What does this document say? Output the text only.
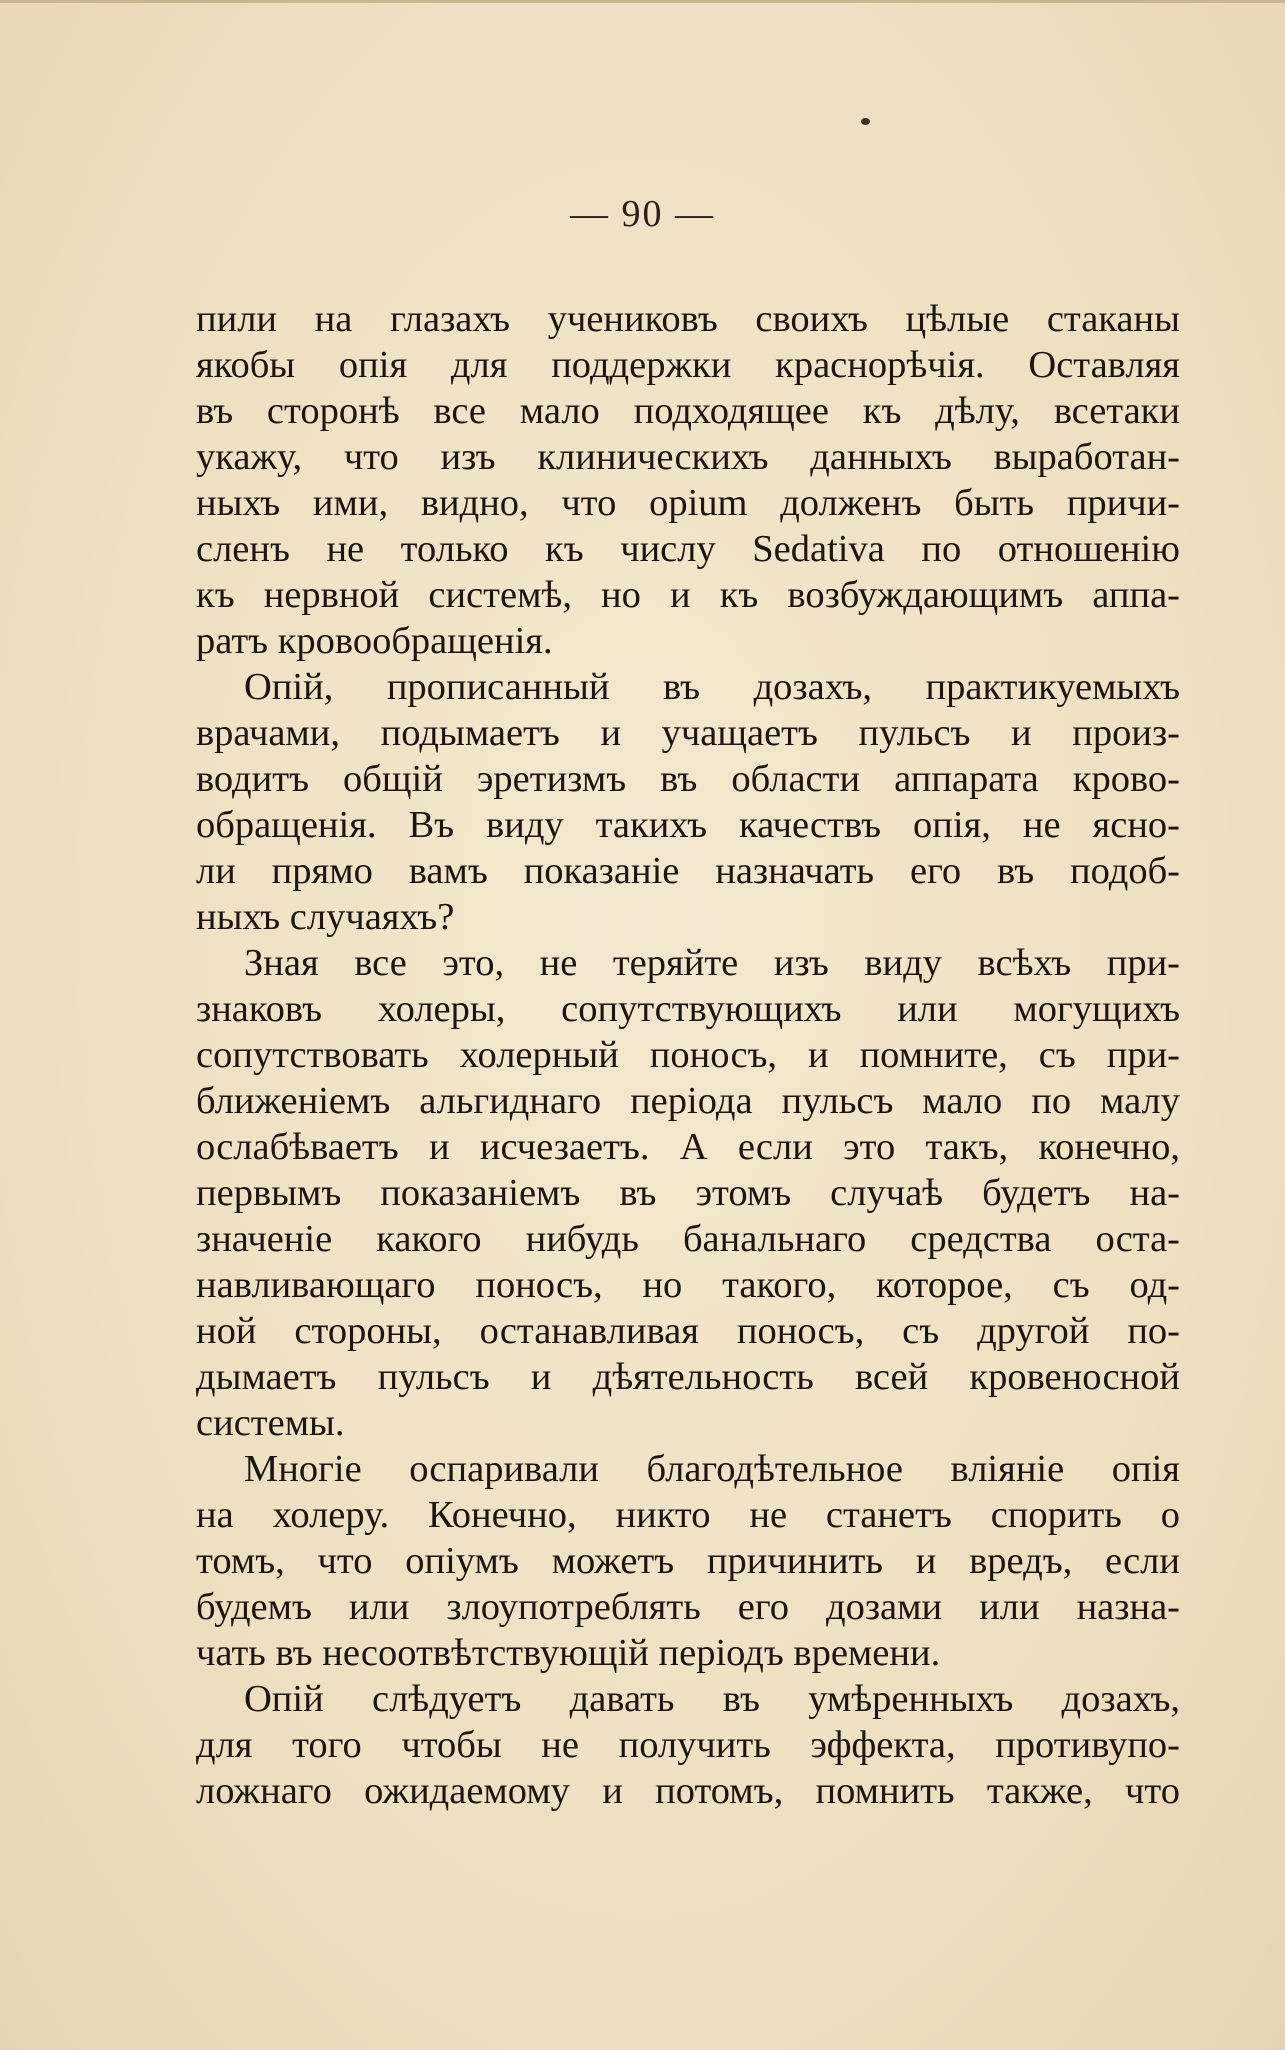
— 90 —
пили на глазахъ учениковъ своихъ цѣлые стаканы
якобы опія для поддержки краснорѣчія. Оставляя
въ сторонѣ все мало подходящее къ дѣлу, всетаки
укажу, что изъ клиническихъ данныхъ выработан-
ныхъ ими, видно, что opium долженъ быть причи-
сленъ не только къ числу Sedativa по отношенію
къ нервной системѣ, но и къ возбуждающимъ аппа-
ратъ кровообращенія.
Опій, прописанный въ дозахъ, практикуемыхъ
врачами, подымаетъ и учащаетъ пульсъ и произ-
водитъ общій эретизмъ въ области аппарата крово-
обращенія. Въ виду такихъ качествъ опія, не ясно-
ли прямо вамъ показаніе назначать его въ подоб-
ныхъ случаяхъ?
Зная все это, не теряйте изъ виду всѣхъ при-
знаковъ холеры, сопутствующихъ или могущихъ
сопутствовать холерный поносъ, и помните, съ при-
ближеніемъ альгиднаго періода пульсъ мало по малу
ослабѣваетъ и исчезаетъ. А если это такъ, конечно,
первымъ показаніемъ въ этомъ случаѣ будетъ на-
значеніе какого нибудь банальнаго средства оста-
навливающаго поносъ, но такого, которое, съ од-
ной стороны, останавливая поносъ, съ другой по-
дымаетъ пульсъ и дѣятельность всей кровеносной
системы.
Многіе оспаривали благодѣтельное вліяніе опія
на холеру. Конечно, никто не станетъ спорить о
томъ, что опіумъ можетъ причинить и вредъ, если
будемъ или злоупотреблять его дозами или назна-
чать въ несоотвѣтствующій періодъ времени.
Опій слѣдуетъ давать въ умѣренныхъ дозахъ,
для того чтобы не получить эффекта, противупо-
ложнаго ожидаемому и потомъ, помнить также, что
